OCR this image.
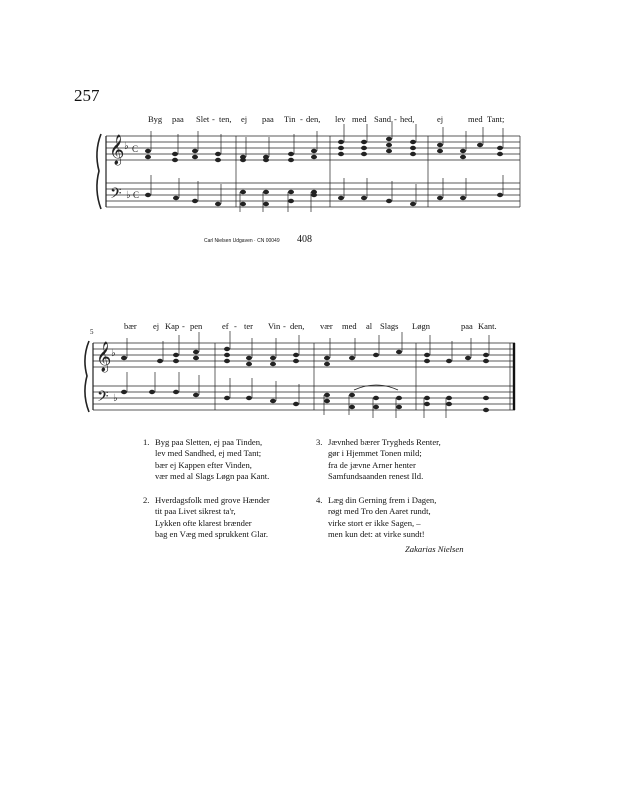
257
Byg paa Slet - ten, ej paa Tin - den, lev med Sand - hed,	ej	med Tant;
𝄞
𝄢
♭
♭
C
C
Carl Nielsen Udgaven · CN 00049 408
bær ej Kap - pen ef - ter Vin - den, vær med al Slags Løgn	paa Kant.
5
𝄞
𝄢
♭
♭
1. Byg paa Sletten, ej paa Tinden,
lev med Sandhed, ej med Tant;
bær ej Kappen efter Vinden,
vær med al Slags Løgn paa Kant.
2. Hverdagsfolk med grove Hænder
tit paa Livet sikrest ta'r,
Lykken ofte klarest brænder
bag en Væg med sprukkent Glar.
3. Jævnhed bærer Trygheds Renter,
gør i Hjemmet Tonen mild;
fra de jævne Arner henter
Samfundsaanden renest Ild.
4. Læg din Gerning frem i Dagen,
røgt med Tro den Aaret rundt,
virke stort er ikke Sagen, –
men kun det: at virke sundt!
Zakarias Nielsen
